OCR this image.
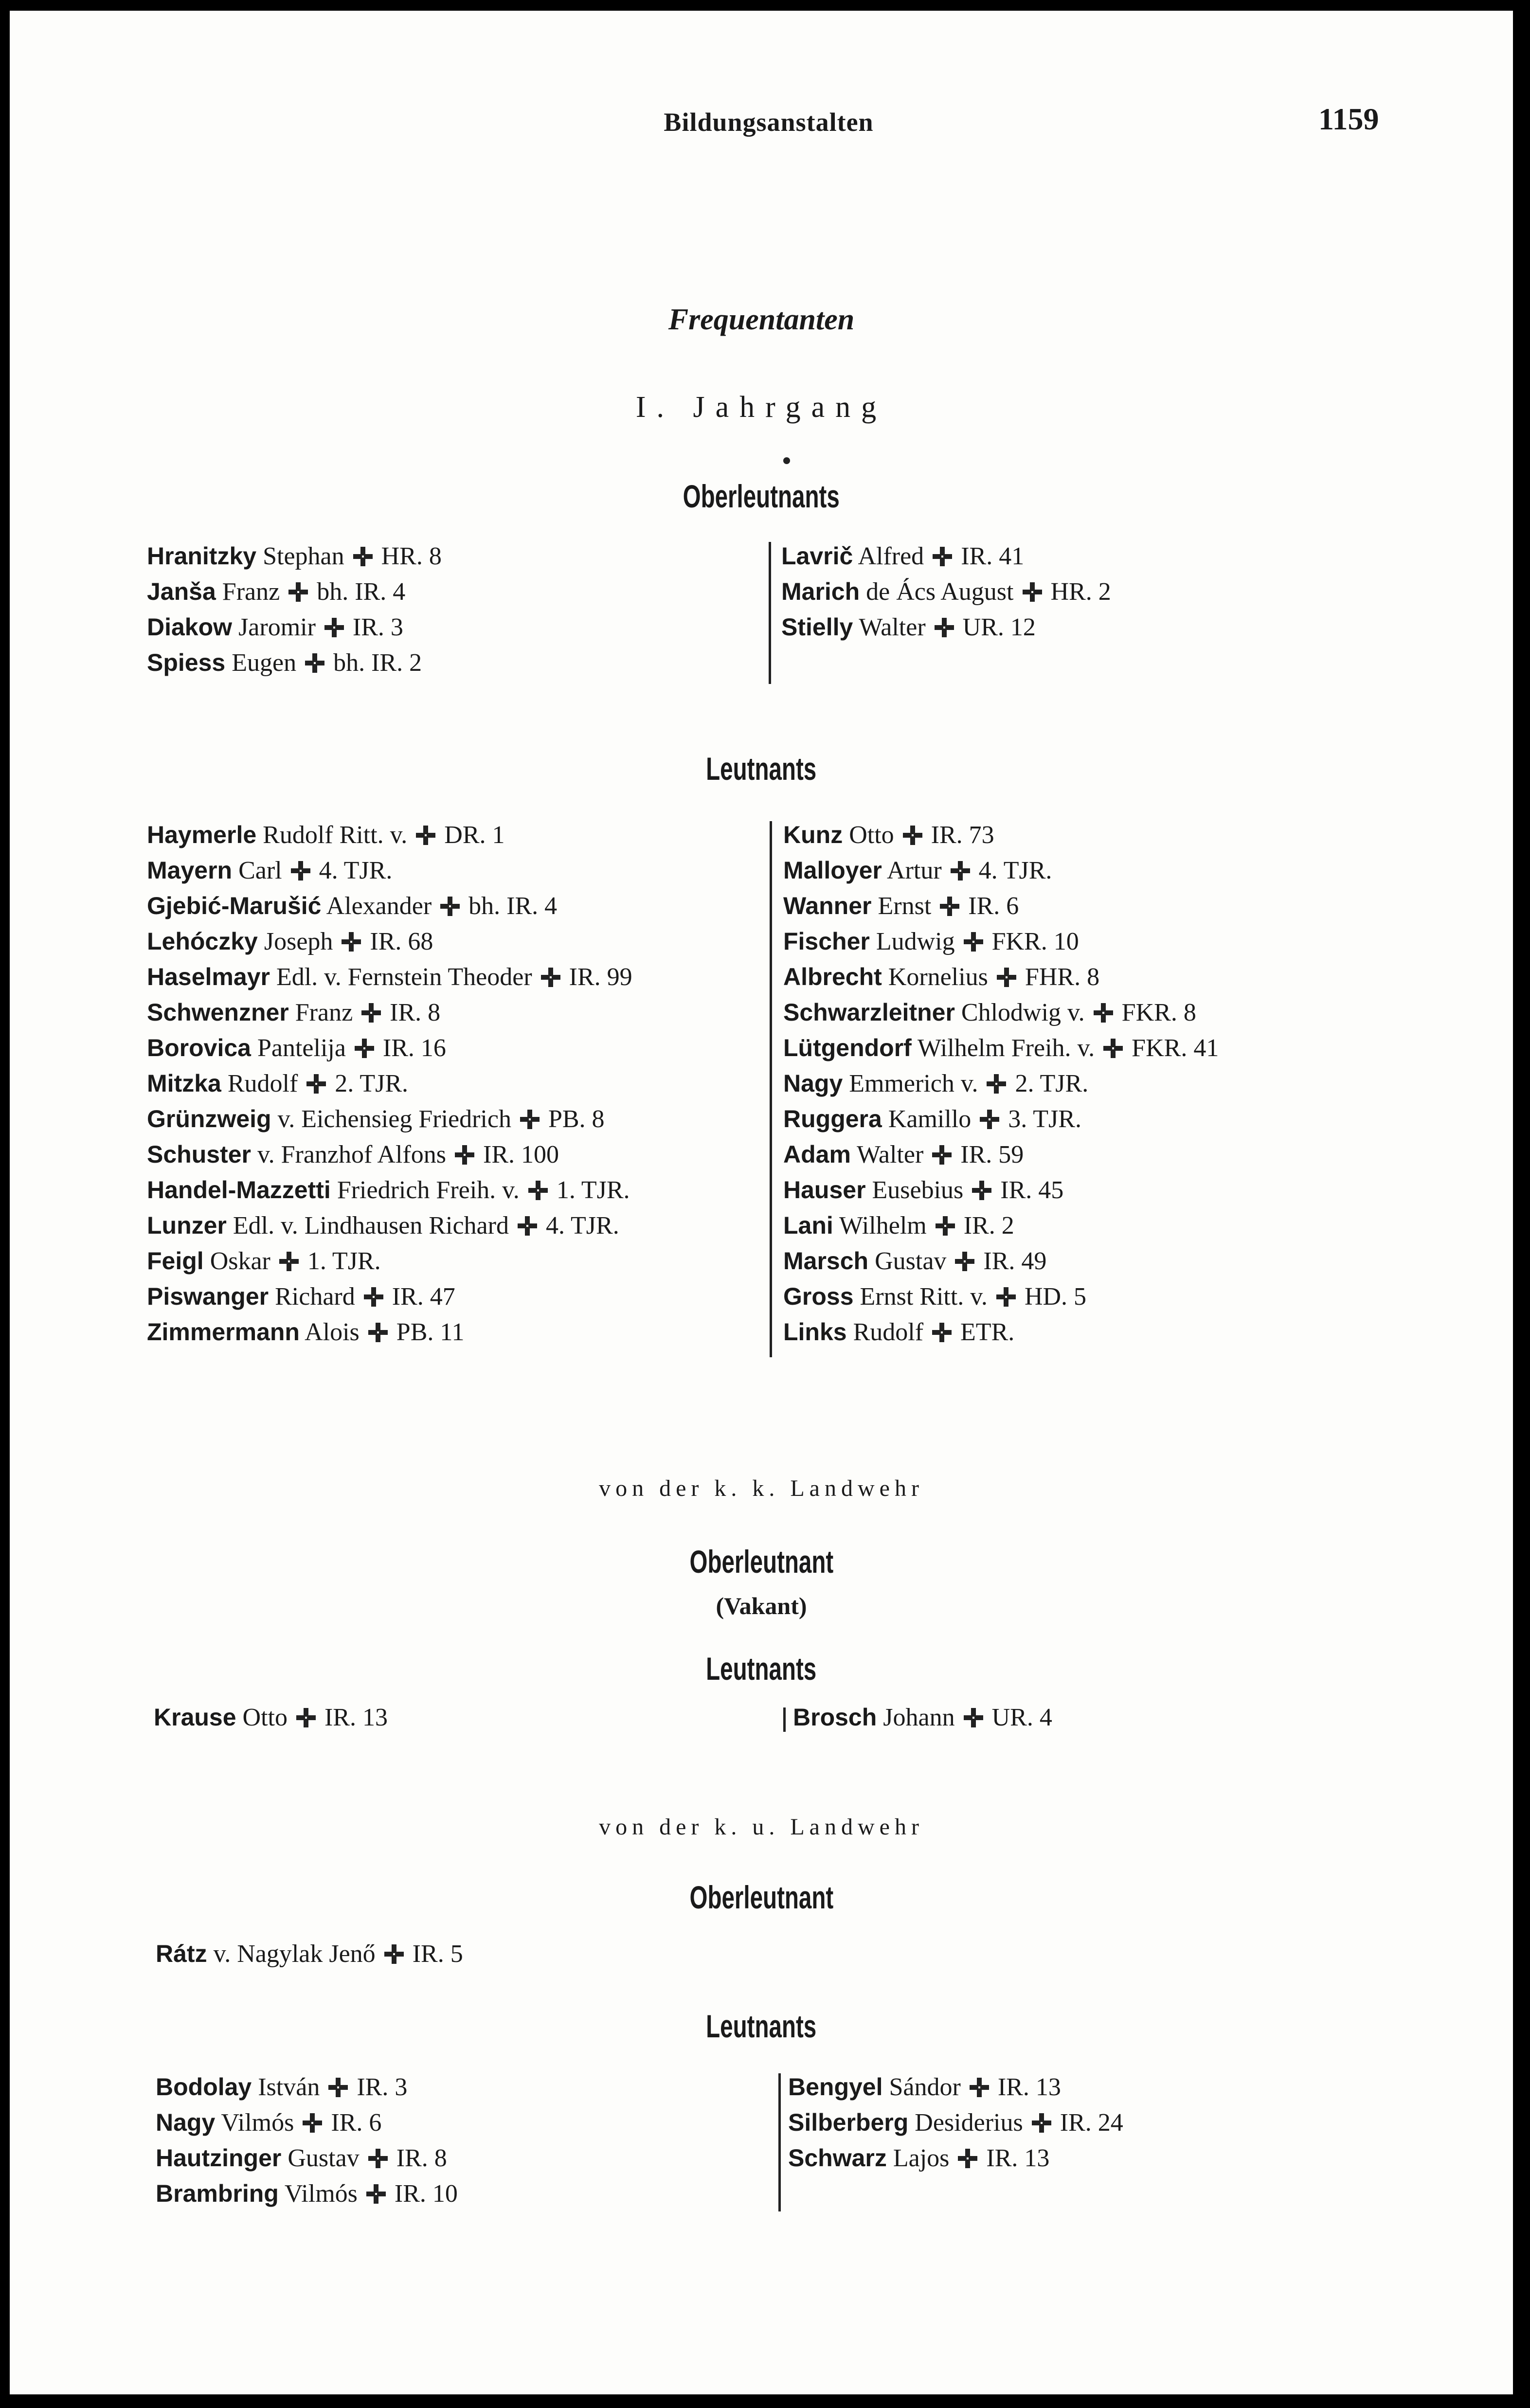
Bildungsanstalten	1159
Frequentanten
I. Jahrgang
Oberleutnants
Hranitzky Stephan HR. 8
Janša Franz bh. IR. 4
Diakow Jaromir IR. 3
Spiess Eugen bh. IR. 2
Lavrič Alfred IR. 41
Marich de Ács August HR. 2
Stielly Walter UR. 12
Leutnants
Haymerle Rudolf Ritt. v. DR. 1
Mayern Carl 4. TJR.
Gjebić-Marušić Alexander bh. IR. 4
Lehóczky Joseph IR. 68
Haselmayr Edl. v. Fernstein Theoder IR. 99
Schwenzner Franz IR. 8
Borovica Pantelija IR. 16
Mitzka Rudolf 2. TJR.
Grünzweig v. Eichensieg Friedrich PB. 8
Schuster v. Franzhof Alfons IR. 100
Handel-Mazzetti Friedrich Freih. v. 1. TJR.
Lunzer Edl. v. Lindhausen Richard 4. TJR.
Feigl Oskar 1. TJR.
Piswanger Richard IR. 47
Zimmermann Alois PB. 11
Kunz Otto IR. 73
Malloyer Artur 4. TJR.
Wanner Ernst IR. 6
Fischer Ludwig FKR. 10
Albrecht Kornelius FHR. 8
Schwarzleitner Chlodwig v. FKR. 8
Lütgendorf Wilhelm Freih. v. FKR. 41
Nagy Emmerich v. 2. TJR.
Ruggera Kamillo 3. TJR.
Adam Walter IR. 59
Hauser Eusebius IR. 45
Lani Wilhelm IR. 2
Marsch Gustav IR. 49
Gross Ernst Ritt. v. HD. 5
Links Rudolf ETR.
von der k. k. Landwehr
Oberleutnant
(Vakant)
Leutnants
Krause Otto IR. 13	Brosch Johann UR. 4
von der k. u. Landwehr
Oberleutnant
Rátz v. Nagylak Jenő IR. 5
Leutnants
Bodolay István IR. 3
Nagy Vilmós IR. 6
Hautzinger Gustav IR. 8
Brambring Vilmós IR. 10
Bengyel Sándor IR. 13
Silberberg Desiderius IR. 24
Schwarz Lajos IR. 13
